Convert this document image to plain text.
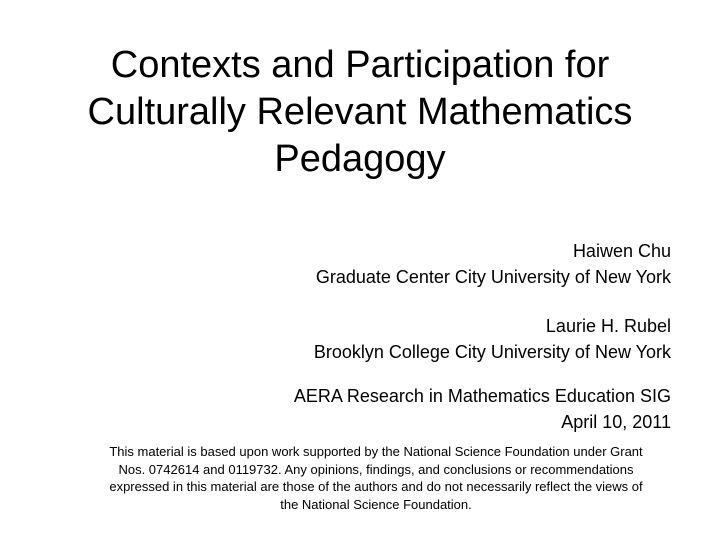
Contexts and Participation for
Culturally Relevant Mathematics
Pedagogy
Haiwen Chu
Graduate Center City University of New York
Laurie H. Rubel
Brooklyn College City University of New York
AERA Research in Mathematics Education SIG
April 10, 2011
This material is based upon work supported by the National Science Foundation under Grant
Nos. 0742614 and 0119732. Any opinions, findings, and conclusions or recommendations
expressed in this material are those of the authors and do not necessarily reflect the views of
the National Science Foundation.
